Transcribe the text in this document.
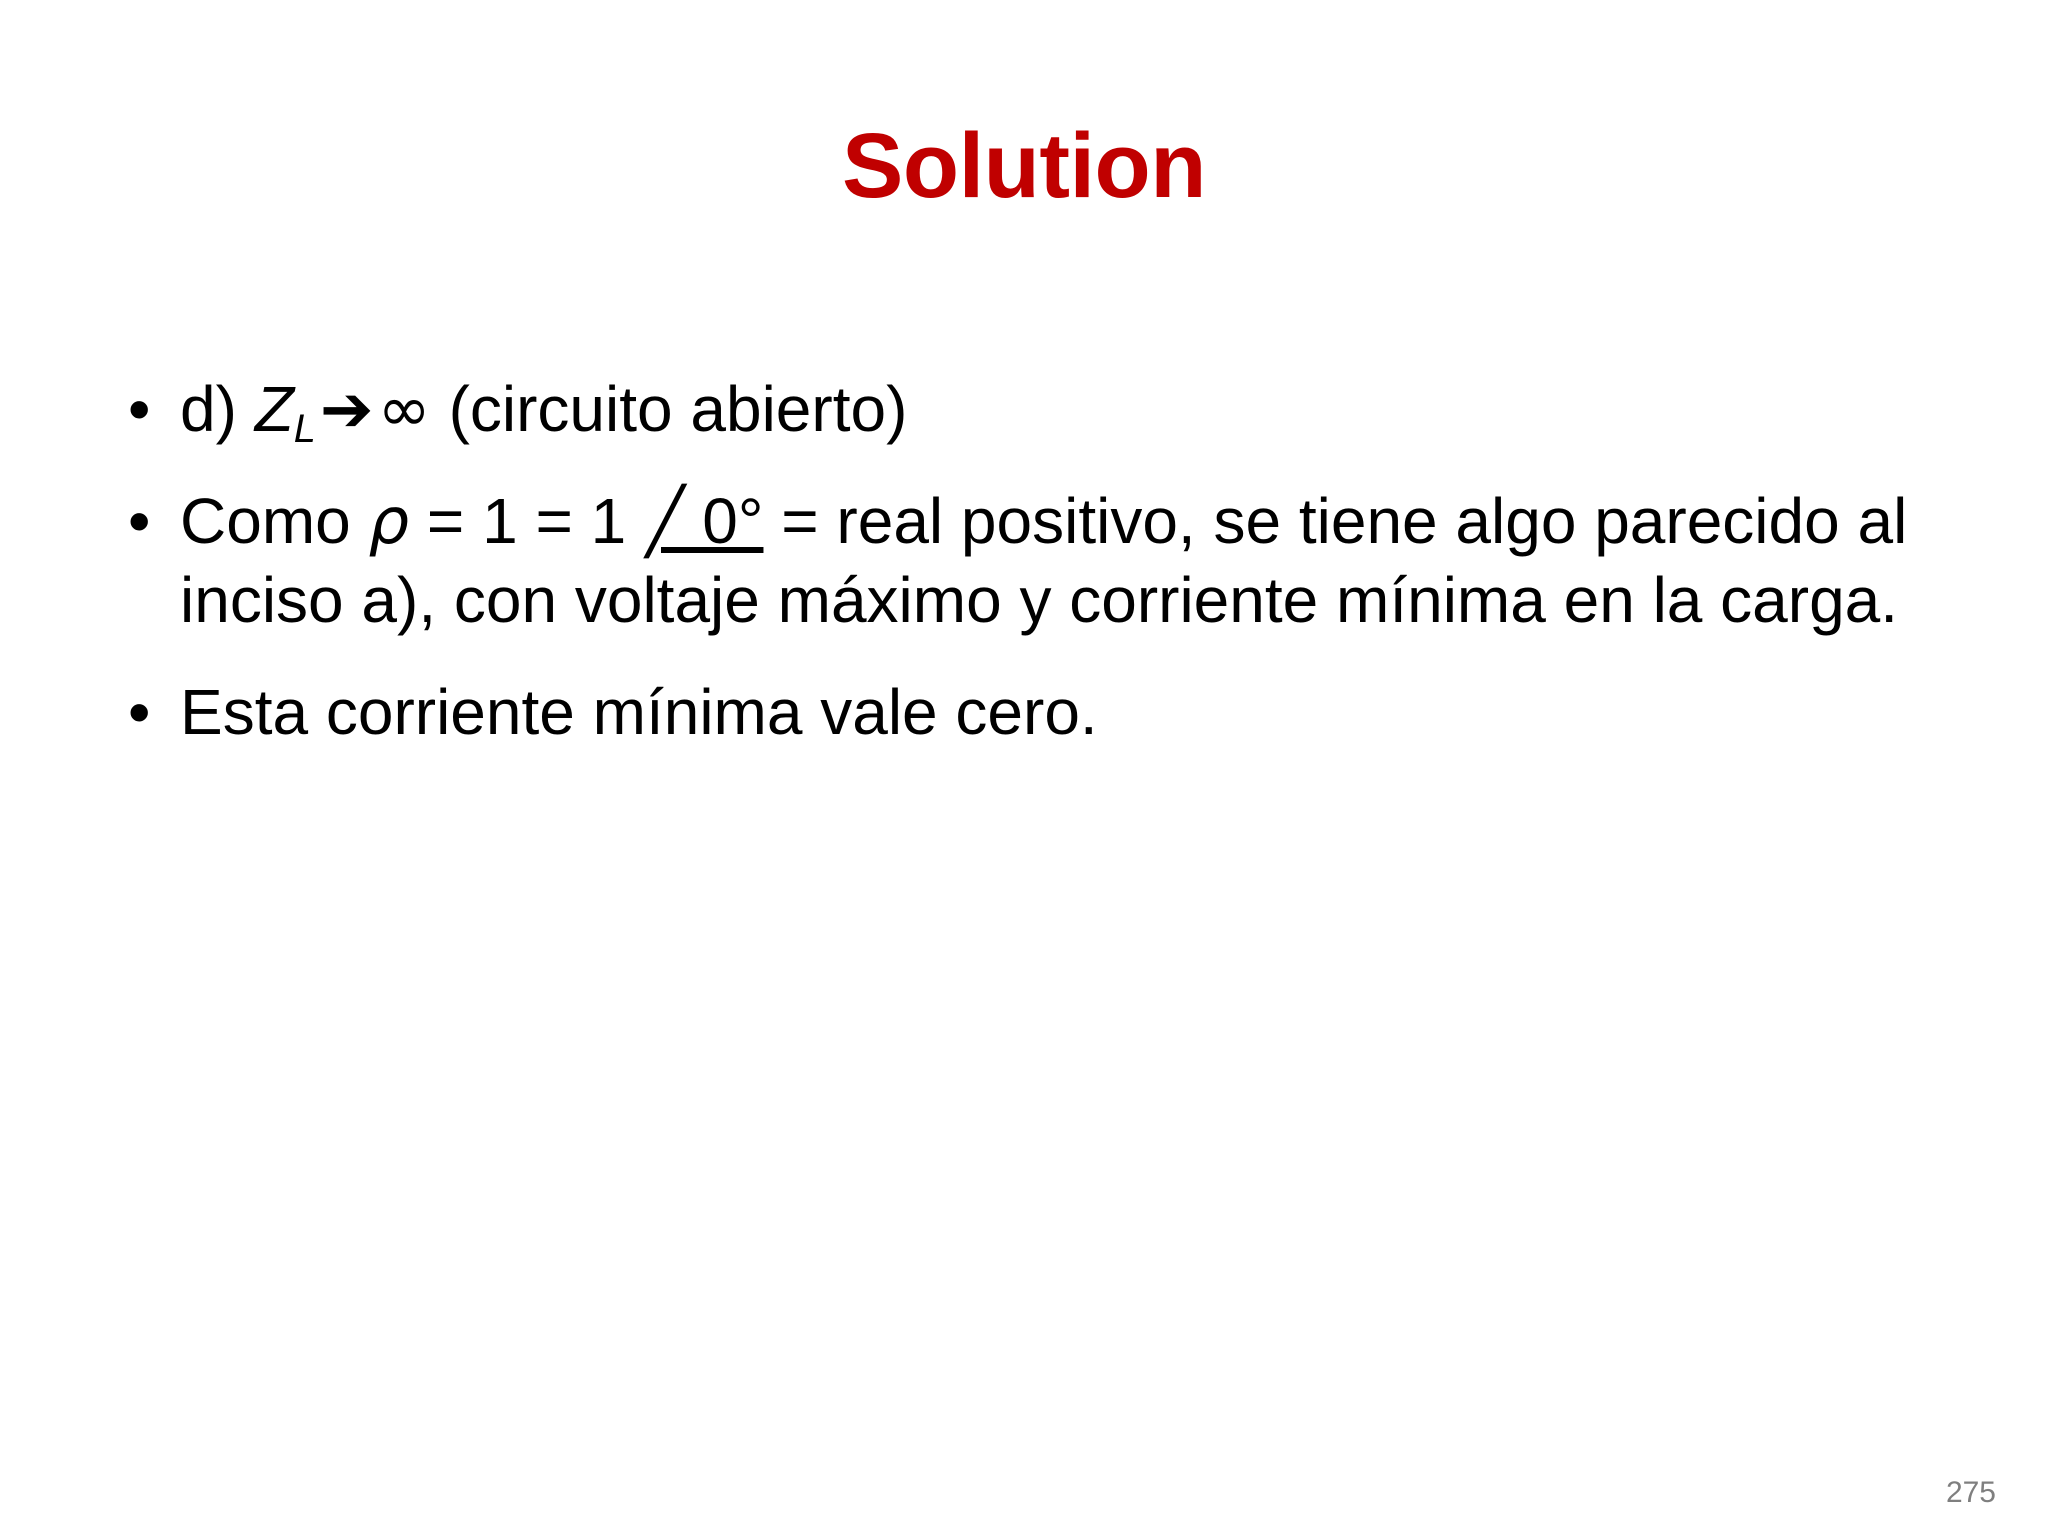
Solution
• d) $Z_L➔\infty$ (circuito abierto)
• Como ρ = 1 = 1 ╱ 0° = real positivo, se tiene algo parecido al inciso a), con voltaje máximo y corriente mínima en la carga.
• Esta corriente mínima vale cero.
275
